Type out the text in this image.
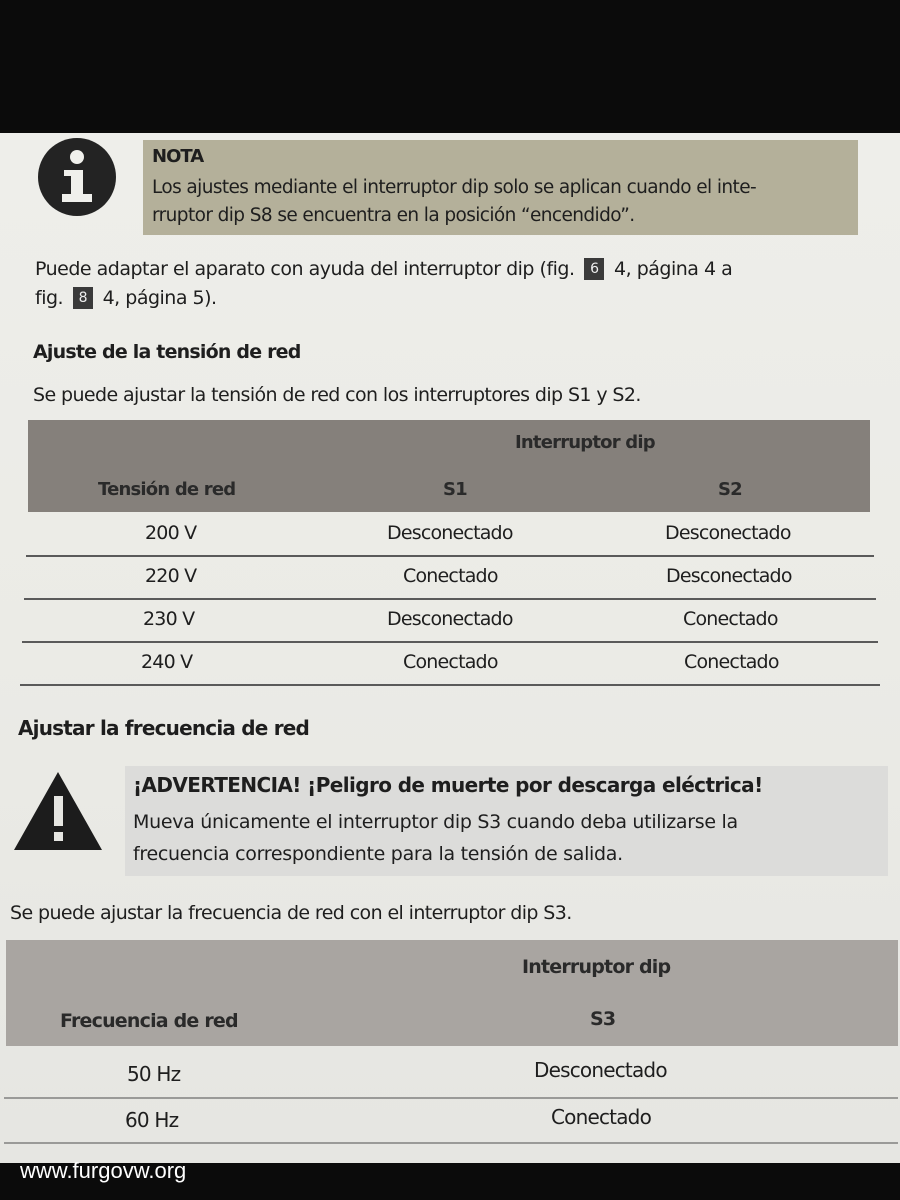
NOTA
Los ajustes mediante el interruptor dip solo se aplican cuando el inte-
rruptor dip S8 se encuentra en la posición “encendido”.
Puede adaptar el aparato con ayuda del interruptor dip (fig. 6 4, página 4 a
fig. 8 4, página 5).
Ajuste de la tensión de red
Se puede ajustar la tensión de red con los interruptores dip S1 y S2.
Interruptor dip
Tensión de red	S1	S2
200 V	Desconectado	Desconectado
220 V	Conectado	Desconectado
230 V	Desconectado	Conectado
240 V	Conectado	Conectado
Ajustar la frecuencia de red
¡ADVERTENCIA! ¡Peligro de muerte por descarga eléctrica!
Mueva únicamente el interruptor dip S3 cuando deba utilizarse la
frecuencia correspondiente para la tensión de salida.
Se puede ajustar la frecuencia de red con el interruptor dip S3.
Interruptor dip
Frecuencia de red	S3
50 Hz	Desconectado
60 Hz	Conectado
www.furgovw.org
